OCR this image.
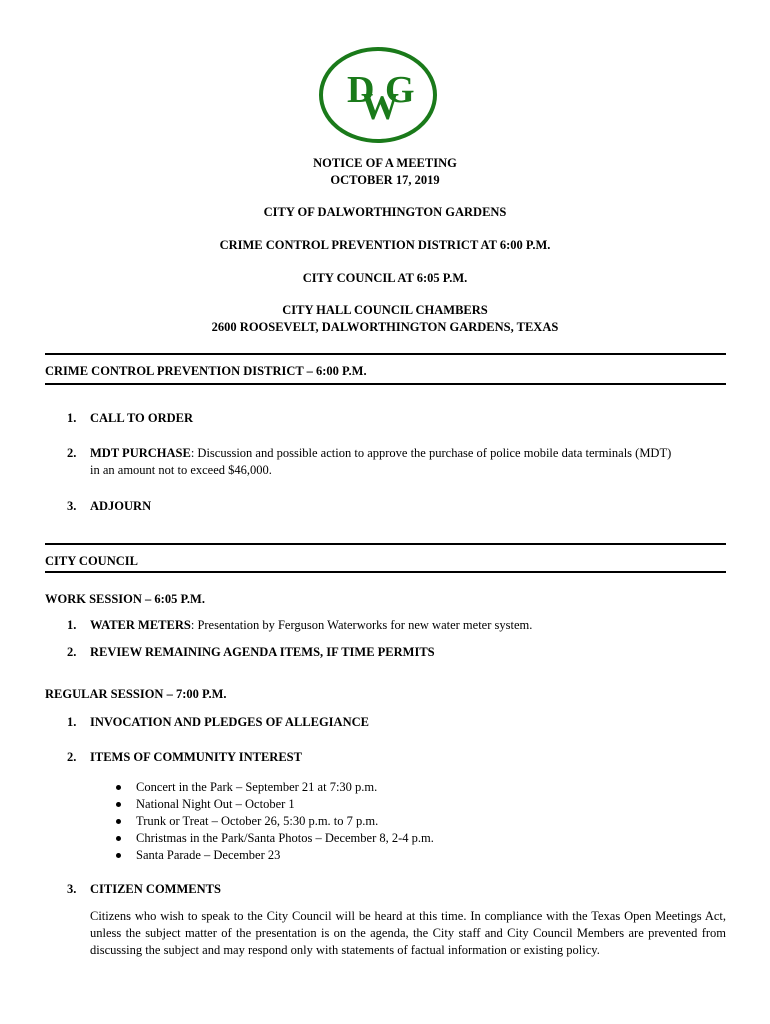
D
W
G
NOTICE OF A MEETING
OCTOBER 17, 2019
CITY OF DALWORTHINGTON GARDENS
CRIME CONTROL PREVENTION DISTRICT AT 6:00 P.M.
CITY COUNCIL AT 6:05 P.M.
CITY HALL COUNCIL CHAMBERS
2600 ROOSEVELT, DALWORTHINGTON GARDENS, TEXAS
CRIME CONTROL PREVENTION DISTRICT – 6:00 P.M.
1. CALL TO ORDER
2. MDT PURCHASE: Discussion and possible action to approve the purchase of police mobile data terminals (MDT)
in an amount not to exceed $46,000.
3. ADJOURN
CITY COUNCIL
WORK SESSION – 6:05 P.M.
1. WATER METERS: Presentation by Ferguson Waterworks for new water meter system.
2. REVIEW REMAINING AGENDA ITEMS, IF TIME PERMITS
REGULAR SESSION – 7:00 P.M.
1. INVOCATION AND PLEDGES OF ALLEGIANCE
2. ITEMS OF COMMUNITY INTEREST
Concert in the Park – September 21 at 7:30 p.m.
National Night Out – October 1
Trunk or Treat – October 26, 5:30 p.m. to 7 p.m.
Christmas in the Park/Santa Photos – December 8, 2-4 p.m.
Santa Parade – December 23
3. CITIZEN COMMENTS
Citizens who wish to speak to the City Council will be heard at this time. In compliance with the Texas Open Meetings Act, unless the subject matter of the presentation is on the agenda, the City staff and City Council Members are prevented from discussing the subject and may respond only with statements of factual information or existing policy.
